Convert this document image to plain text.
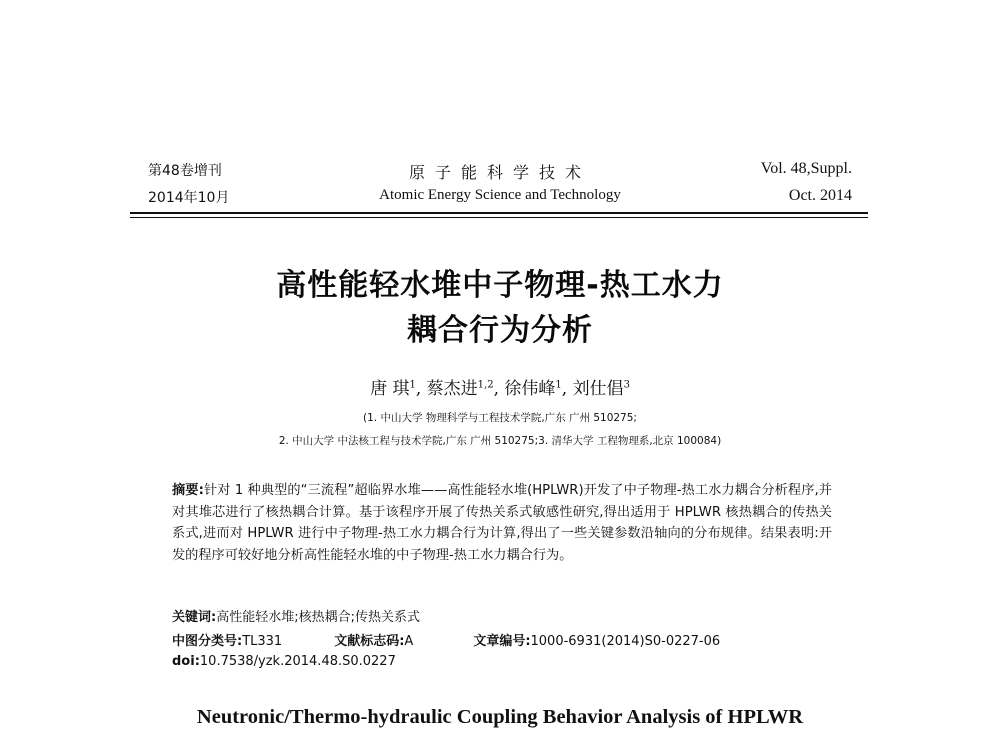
第48卷增刊
2014年10月
原子能科学技术
Atomic Energy Science and Technology
Vol. 48,Suppl.
Oct. 2014
高性能轻水堆中子物理-热工水力
耦合行为分析
唐 琪$^1$, 蔡杰进$^{1,2}$, 徐伟峰$^1$, 刘仕倡$^3$
(1. 中山大学 物理科学与工程技术学院,广东 广州 510275;
2. 中山大学 中法核工程与技术学院,广东 广州 510275;3. 清华大学 工程物理系,北京 100084)
摘要:针对 1 种典型的“三流程”超临界水堆——高性能轻水堆(HPLWR)开发了中子物理-热工水力耦合分析程序,并对其堆芯进行了核热耦合计算。基于该程序开展了传热关系式敏感性研究,得出适用于 HPLWR 核热耦合的传热关系式,进而对 HPLWR 进行中子物理-热工水力耦合行为计算,得出了一些关键参数沿轴向的分布规律。结果表明:开发的程序可较好地分析高性能轻水堆的中子物理-热工水力耦合行为。
关键词:高性能轻水堆;核热耦合;传热关系式
中图分类号:TL331	文献标志码:A	文章编号:1000-6931(2014)S0-0227-06
doi:10.7538/yzk.2014.48.S0.0227
Neutronic/Thermo-hydraulic Coupling Behavior Analysis of HPLWR
